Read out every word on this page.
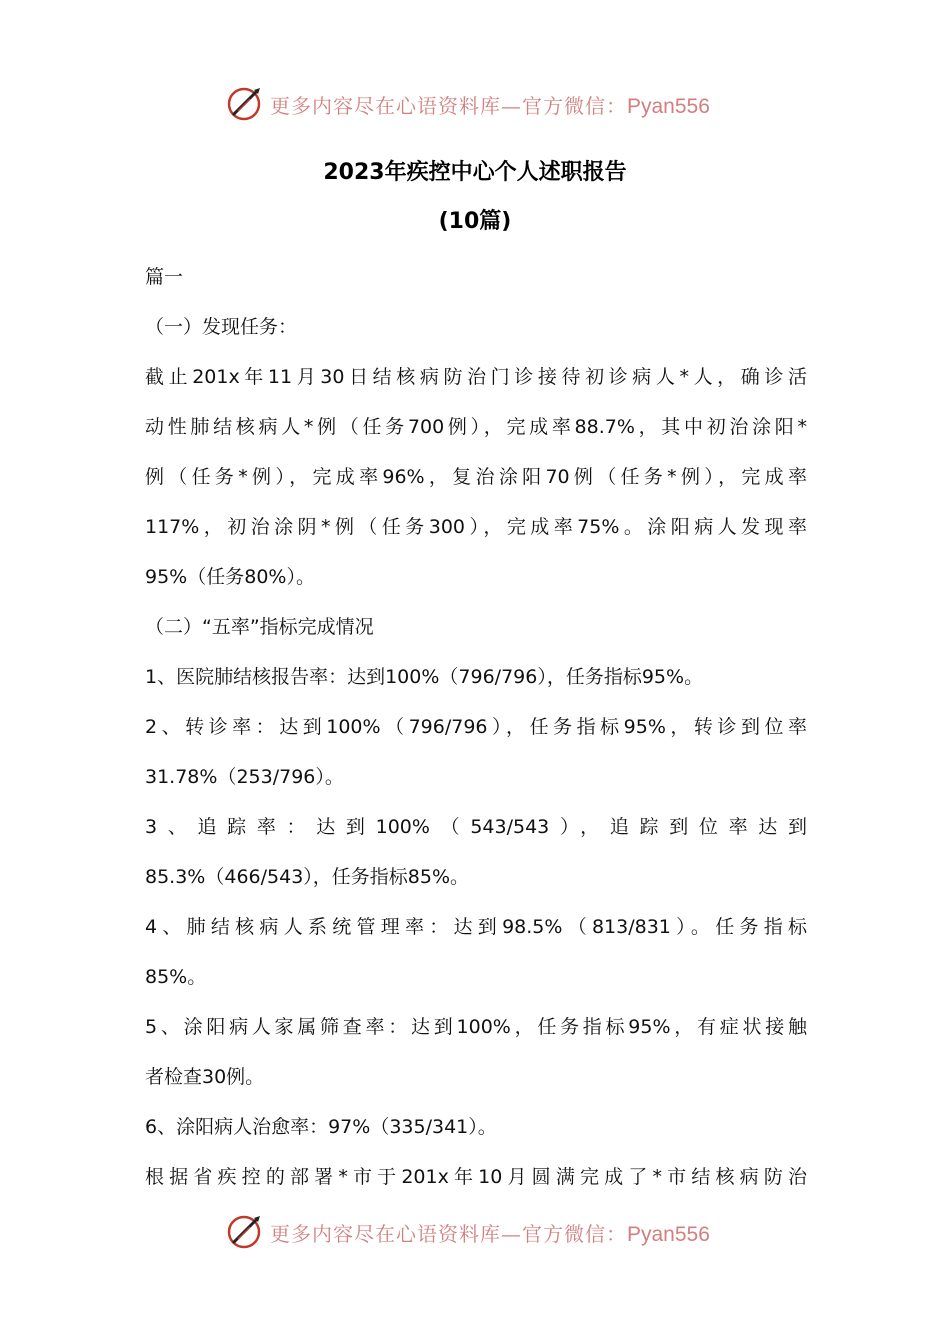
更多内容尽在心语资料库—官方微信：Pyan556
2023年疾控中心个人述职报告
(10篇)
篇一
（一）发现任务：
截止201x年11月30日结核病防治门诊接待初诊病人*人，确诊活
动性肺结核病人*例（任务700例），完成率88.7%，其中初治涂阳*
例（任务*例），完成率96%，复治涂阳70例（任务*例），完成率
117%，初治涂阴*例（任务300），完成率75%。涂阳病人发现率
95%（任务80%）。
（二）“五率”指标完成情况
1、医院肺结核报告率：达到100%（796/796），任务指标95%。
2、转诊率：达到100%（796/796），任务指标95%，转诊到位率
31.78%（253/796）。
3、追踪率：达到100%（543/543），追踪到位率达到
85.3%（466/543），任务指标85%。
4、肺结核病人系统管理率：达到98.5%（813/831）。任务指标
85%。
5、涂阳病人家属筛查率：达到100%，任务指标95%，有症状接触
者检查30例。
6、涂阳病人治愈率：97%（335/341）。
根据省疾控的部署*市于201x年10月圆满完成了*市结核病防治
更多内容尽在心语资料库—官方微信：Pyan556
